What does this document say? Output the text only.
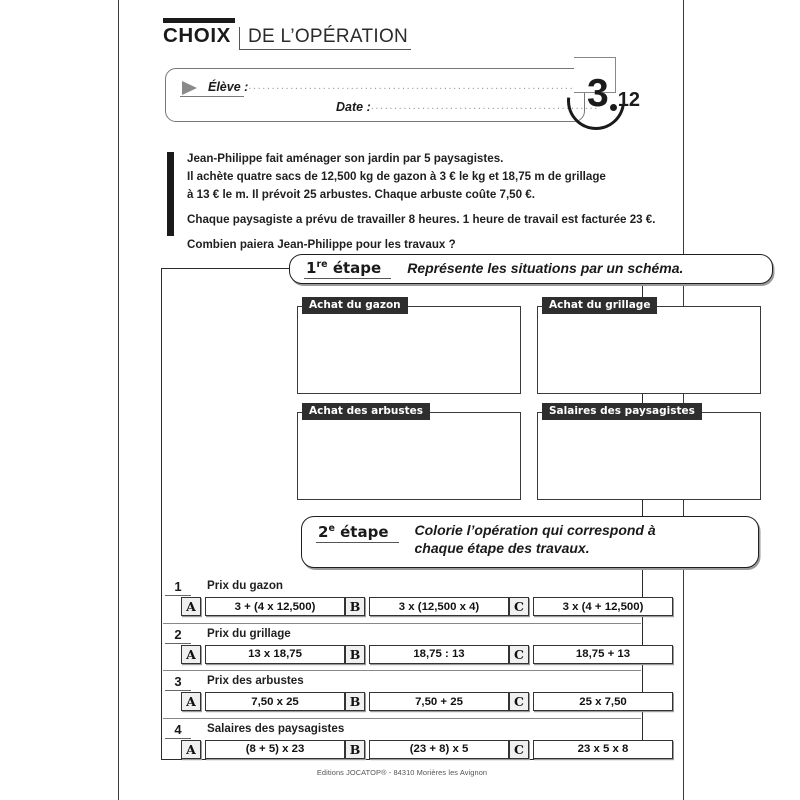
CHOIX DE L’OPÉRATION
Élève :......................................................................
Date :.................................................
3 12

Jean-Philippe fait aménager son jardin par 5 paysagistes.

Il achète quatre sacs de 12,500 kg de gazon à 3 € le kg et 18,75 m de grillage

à 13 € le m. Il prévoit 25 arbustes. Chaque arbuste coûte 7,50 €.

Chaque paysagiste a prévu de travailler 8 heures. 1 heure de travail est facturée 23 €.

Combien paiera Jean-Philippe pour les travaux ?

1re étape	Représente les situations par un schéma.
Achat du gazon	Achat du grillage
Achat des arbustes	Salaires des paysagistes
2e étape	Colorie l’opération qui correspond à
chaque étape des travaux.
1	Prix du gazon
A	3 + (4 x 12,500)	B	3 x (12,500 x 4)	C	3 x (4 + 12,500)
2	Prix du grillage
A	13 x 18,75	B	18,75 : 13	C	18,75 + 13
3	Prix des arbustes
A	7,50 x 25	B	7,50 + 25	C	25 x 7,50
4	Salaires des paysagistes
A	(8 + 5) x 23	B	(23 + 8) x 5	C	23 x 5 x 8
Editions JOCATOP® - 84310 Morières les Avignon
